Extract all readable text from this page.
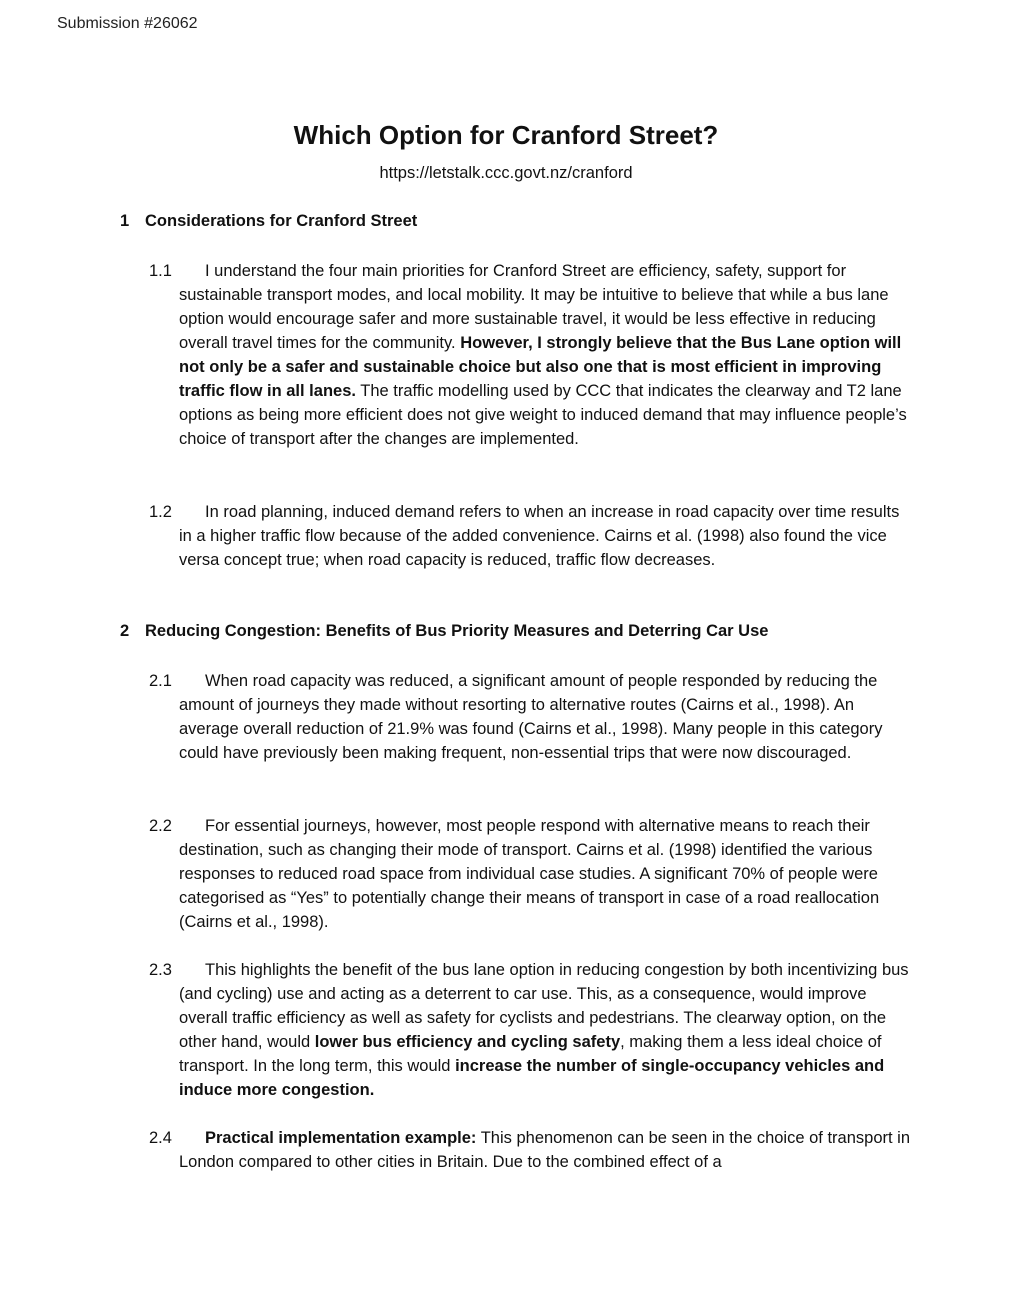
Submission #26062
Which Option for Cranford Street?
https://letstalk.ccc.govt.nz/cranford
1 Considerations for Cranford Street
1.1 I understand the four main priorities for Cranford Street are efficiency, safety, support for sustainable transport modes, and local mobility. It may be intuitive to believe that while a bus lane option would encourage safer and more sustainable travel, it would be less effective in reducing overall travel times for the community. However, I strongly believe that the Bus Lane option will not only be a safer and sustainable choice but also one that is most efficient in improving traffic flow in all lanes. The traffic modelling used by CCC that indicates the clearway and T2 lane options as being more efficient does not give weight to induced demand that may influence people’s choice of transport after the changes are implemented.
1.2 In road planning, induced demand refers to when an increase in road capacity over time results in a higher traffic flow because of the added convenience. Cairns et al. (1998) also found the vice versa concept true; when road capacity is reduced, traffic flow decreases.
2 Reducing Congestion: Benefits of Bus Priority Measures and Deterring Car Use
2.1 When road capacity was reduced, a significant amount of people responded by reducing the amount of journeys they made without resorting to alternative routes (Cairns et al., 1998). An average overall reduction of 21.9% was found (Cairns et al., 1998). Many people in this category could have previously been making frequent, non-essential trips that were now discouraged.
2.2 For essential journeys, however, most people respond with alternative means to reach their destination, such as changing their mode of transport. Cairns et al. (1998) identified the various responses to reduced road space from individual case studies. A significant 70% of people were categorised as “Yes” to potentially change their means of transport in case of a road reallocation (Cairns et al., 1998).
2.3 This highlights the benefit of the bus lane option in reducing congestion by both incentivizing bus (and cycling) use and acting as a deterrent to car use. This, as a consequence, would improve overall traffic efficiency as well as safety for cyclists and pedestrians. The clearway option, on the other hand, would lower bus efficiency and cycling safety, making them a less ideal choice of transport. In the long term, this would increase the number of single-occupancy vehicles and induce more congestion.
2.4 Practical implementation example: This phenomenon can be seen in the choice of transport in London compared to other cities in Britain. Due to the combined effect of a
